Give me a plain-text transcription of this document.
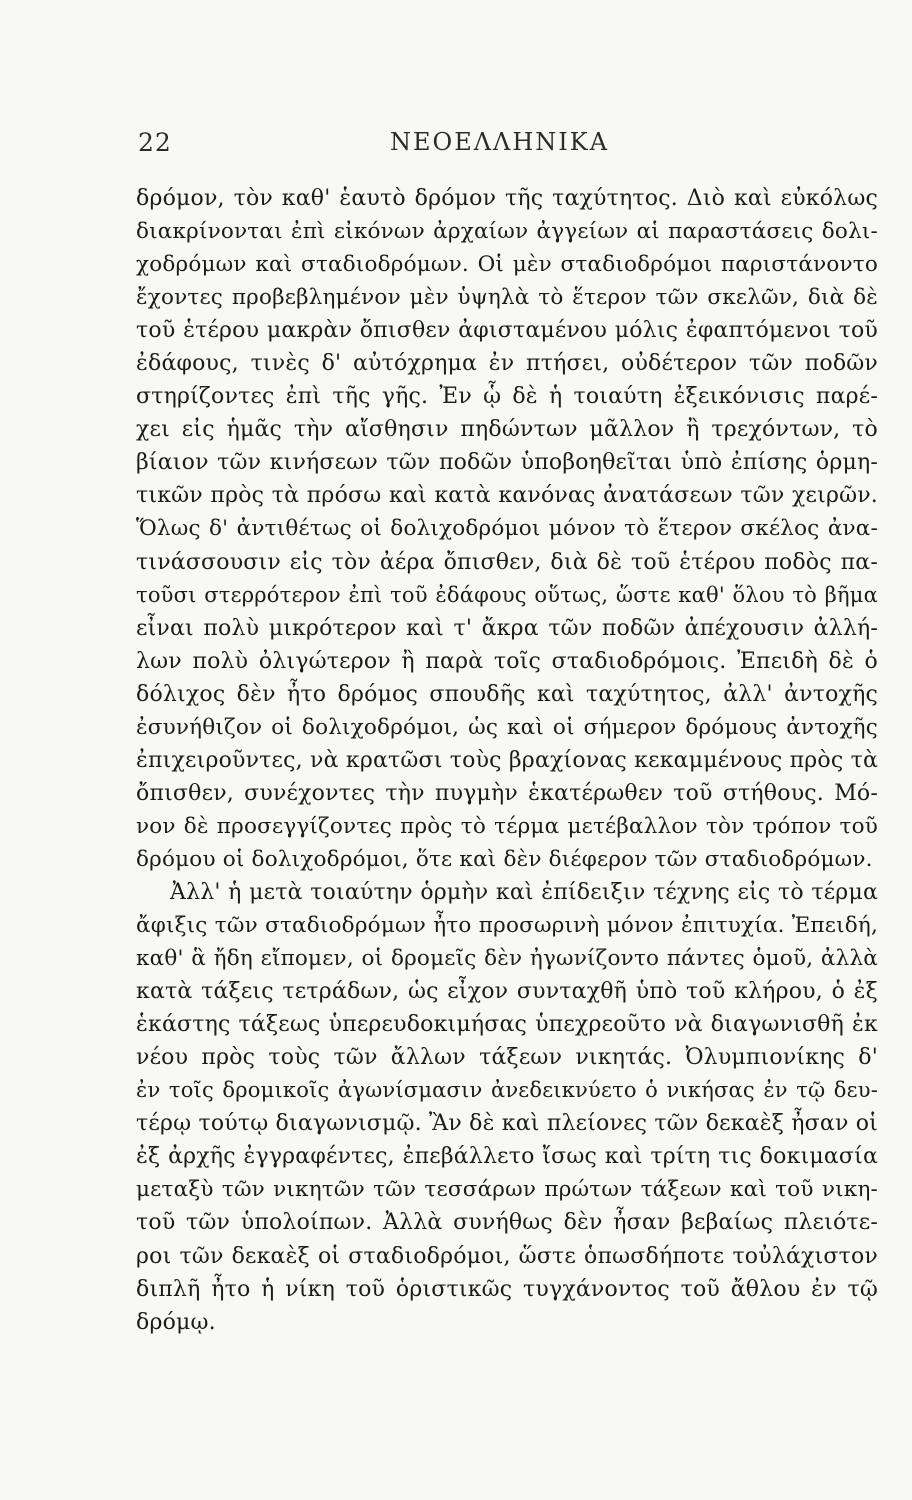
22	ΝΕΟΕΛΛΗΝΙΚΑ
δρόμον, τὸν καθ' ἑαυτὸ δρόμον τῆς ταχύτητος. Διὸ καὶ εὐκόλως
διακρίνονται ἐπὶ εἰκόνων ἀρχαίων ἀγγείων αἱ παραστάσεις δολι-
χοδρόμων καὶ σταδιοδρόμων. Οἱ μὲν σταδιοδρόμοι παριστάνοντο
ἔχοντες προβεβλημένον μὲν ὑψηλὰ τὸ ἕτερον τῶν σκελῶν, διὰ δὲ
τοῦ ἑτέρου μακρὰν ὄπισθεν ἀφισταμένου μόλις ἐφαπτόμενοι τοῦ
ἐδάφους, τινὲς δ' αὐτόχρημα ἐν πτήσει, οὐδέτερον τῶν ποδῶν
στηρίζοντες ἐπὶ τῆς γῆς. Ἐν ᾧ δὲ ἡ τοιαύτη ἐξεικόνισις παρέ-
χει εἰς ἡμᾶς τὴν αἴσθησιν πηδώντων μᾶλλον ἢ τρεχόντων, τὸ
βίαιον τῶν κινήσεων τῶν ποδῶν ὑποβοηθεῖται ὑπὸ ἐπίσης ὁρμη-
τικῶν πρὸς τὰ πρόσω καὶ κατὰ κανόνας ἀνατάσεων τῶν χειρῶν.
Ὅλως δ' ἀντιθέτως οἱ δολιχοδρόμοι μόνον τὸ ἕτερον σκέλος ἀνα-
τινάσσουσιν εἰς τὸν ἀέρα ὄπισθεν, διὰ δὲ τοῦ ἑτέρου ποδὸς πα-
τοῦσι στερρότερον ἐπὶ τοῦ ἐδάφους οὕτως, ὥστε καθ' ὅλου τὸ βῆμα
εἶναι πολὺ μικρότερον καὶ τ' ἄκρα τῶν ποδῶν ἀπέχουσιν ἀλλή-
λων πολὺ ὀλιγώτερον ἢ παρὰ τοῖς σταδιοδρόμοις. Ἐπειδὴ δὲ ὁ
δόλιχος δὲν ἦτο δρόμος σπουδῆς καὶ ταχύτητος, ἀλλ' ἀντοχῆς
ἐσυνήθιζον οἱ δολιχοδρόμοι, ὡς καὶ οἱ σήμερον δρόμους ἀντοχῆς
ἐπιχειροῦντες, νὰ κρατῶσι τοὺς βραχίονας κεκαμμένους πρὸς τὰ
ὄπισθεν, συνέχοντες τὴν πυγμὴν ἑκατέρωθεν τοῦ στήθους. Μό-
νον δὲ προσεγγίζοντες πρὸς τὸ τέρμα μετέβαλλον τὸν τρόπον τοῦ
δρόμου οἱ δολιχοδρόμοι, ὅτε καὶ δὲν διέφερον τῶν σταδιοδρόμων.
Ἀλλ' ἡ μετὰ τοιαύτην ὁρμὴν καὶ ἐπίδειξιν τέχνης εἰς τὸ τέρμα
ἄφιξις τῶν σταδιοδρόμων ἦτο προσωρινὴ μόνον ἐπιτυχία. Ἐπειδή,
καθ' ἃ ἤδη εἴπομεν, οἱ δρομεῖς δὲν ἠγωνίζοντο πάντες ὁμοῦ, ἀλλὰ
κατὰ τάξεις τετράδων, ὡς εἶχον συνταχθῆ ὑπὸ τοῦ κλήρου, ὁ ἐξ
ἑκάστης τάξεως ὑπερευδοκιμήσας ὑπεχρεοῦτο νὰ διαγωνισθῆ ἐκ
νέου πρὸς τοὺς τῶν ἄλλων τάξεων νικητάς. Ὀλυμπιονίκης δ'
ἐν τοῖς δρομικοῖς ἀγωνίσμασιν ἀνεδεικνύετο ὁ νικήσας ἐν τῷ δευ-
τέρῳ τούτῳ διαγωνισμῷ. Ἂν δὲ καὶ πλείονες τῶν δεκαὲξ ἦσαν οἱ
ἐξ ἀρχῆς ἐγγραφέντες, ἐπεβάλλετο ἴσως καὶ τρίτη τις δοκιμασία
μεταξὺ τῶν νικητῶν τῶν τεσσάρων πρώτων τάξεων καὶ τοῦ νικη-
τοῦ τῶν ὑπολοίπων. Ἀλλὰ συνήθως δὲν ἦσαν βεβαίως πλειότε-
ροι τῶν δεκαὲξ οἱ σταδιοδρόμοι, ὥστε ὁπωσδήποτε τοὐλάχιστον
διπλῆ ἦτο ἡ νίκη τοῦ ὁριστικῶς τυγχάνοντος τοῦ ἄθλου ἐν τῷ
δρόμῳ.
